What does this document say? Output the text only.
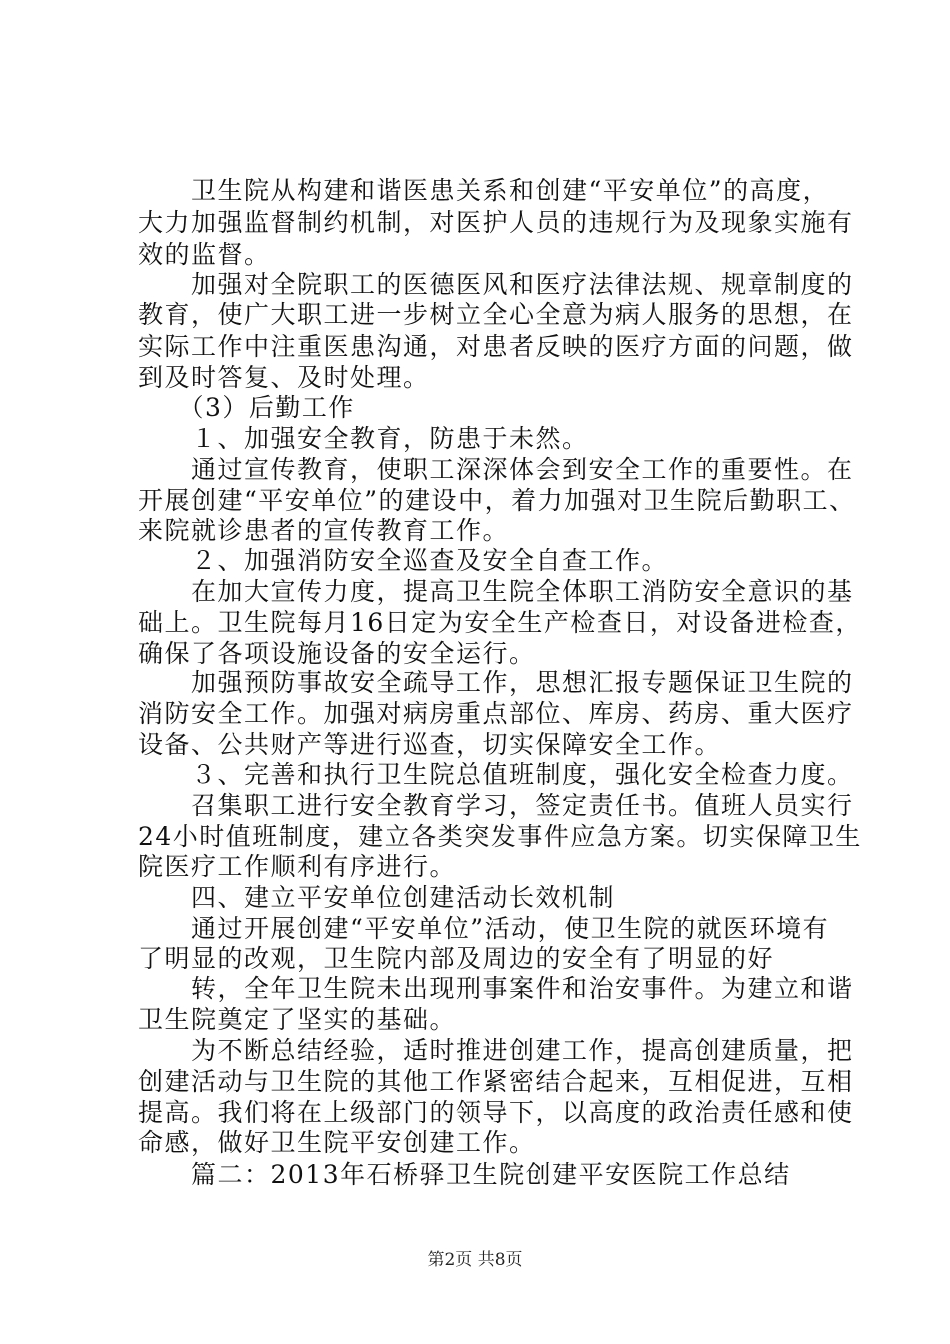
　　卫生院从构建和谐医患关系和创建“平安单位”的高度，
大力加强监督制约机制，对医护人员的违规行为及现象实施有
效的监督。
　　加强对全院职工的医德医风和医疗法律法规、规章制度的
教育，使广大职工进一步树立全心全意为病人服务的思想，在
实际工作中注重医患沟通，对患者反映的医疗方面的问题，做
到及时答复、及时处理。
　　（3）后勤工作
　　１、加强安全教育，防患于未然。
　　通过宣传教育，使职工深深体会到安全工作的重要性。在
开展创建“平安单位”的建设中，着力加强对卫生院后勤职工、
来院就诊患者的宣传教育工作。
　　２、加强消防安全巡查及安全自查工作。
　　在加大宣传力度，提高卫生院全体职工消防安全意识的基
础上。卫生院每月16日定为安全生产检查日，对设备进检查，
确保了各项设施设备的安全运行。
　　加强预防事故安全疏导工作，思想汇报专题保证卫生院的
消防安全工作。加强对病房重点部位、库房、药房、重大医疗
设备、公共财产等进行巡查，切实保障安全工作。
　　３、完善和执行卫生院总值班制度，强化安全检查力度。
　　召集职工进行安全教育学习，签定责任书。值班人员实行
24小时值班制度，建立各类突发事件应急方案。切实保障卫生
院医疗工作顺利有序进行。
　　四、建立平安单位创建活动长效机制
　　通过开展创建“平安单位”活动，使卫生院的就医环境有
了明显的改观，卫生院内部及周边的安全有了明显的好
　　转，全年卫生院未出现刑事案件和治安事件。为建立和谐
卫生院奠定了坚实的基础。
　　为不断总结经验，适时推进创建工作，提高创建质量，把
创建活动与卫生院的其他工作紧密结合起来，互相促进，互相
提高。我们将在上级部门的领导下，以高度的政治责任感和使
命感，做好卫生院平安创建工作。
　　篇二：2013年石桥驿卫生院创建平安医院工作总结
第2页 共8页
